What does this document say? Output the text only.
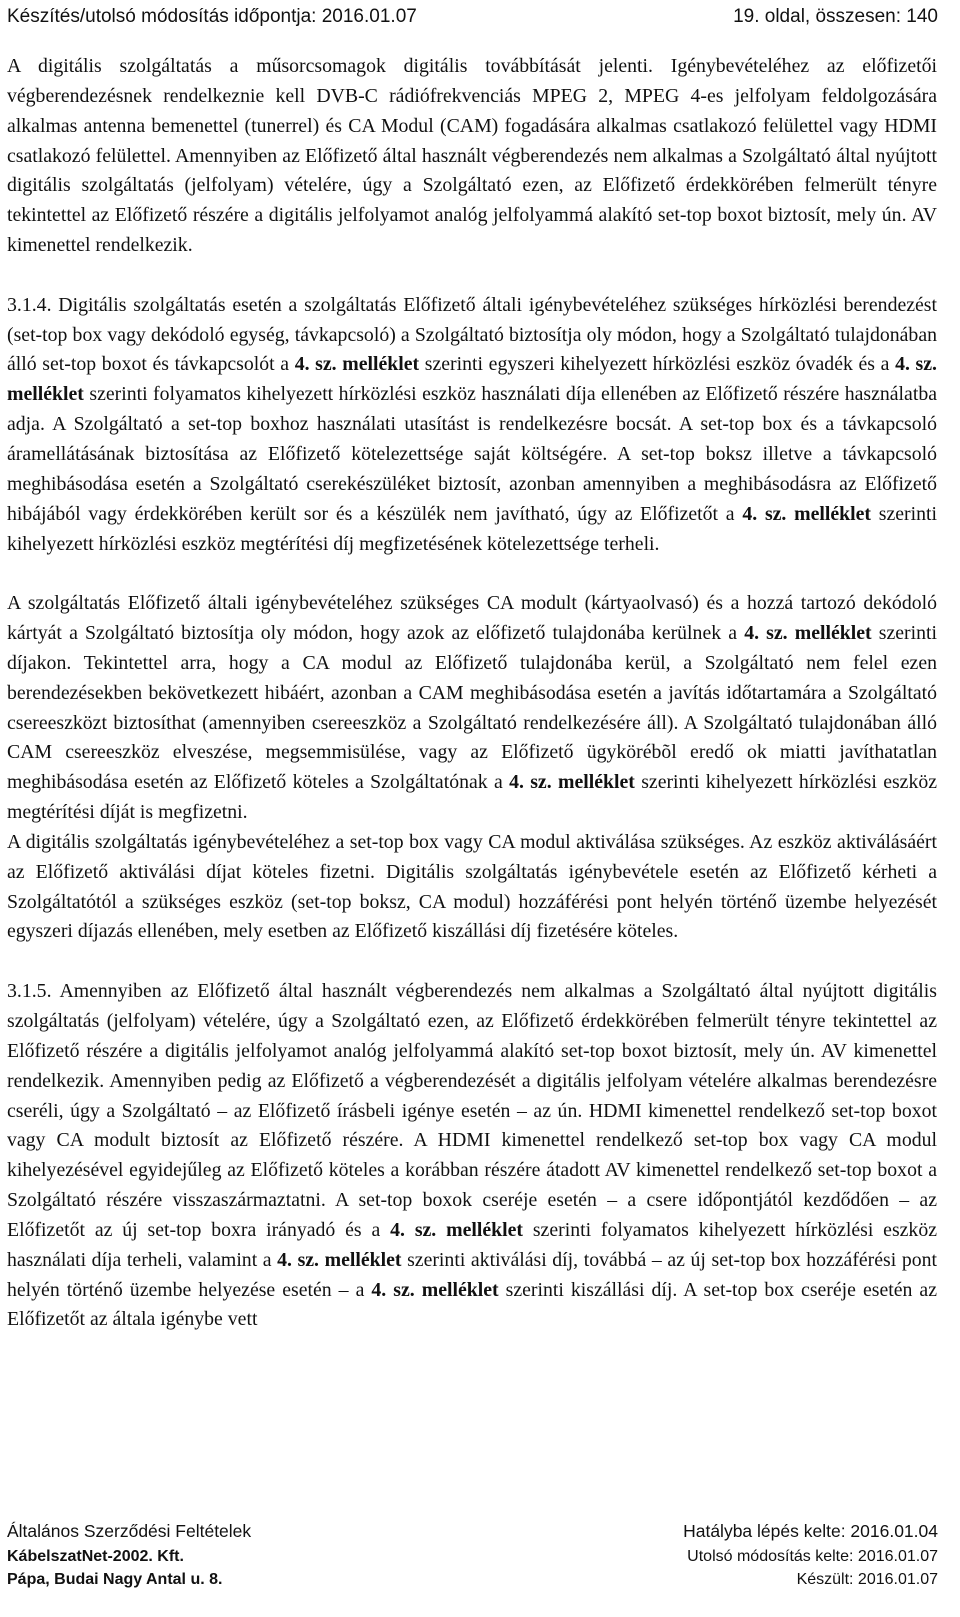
Készítés/utolsó módosítás időpontja: 2016.01.07	19. oldal, összesen: 140

A digitális szolgáltatás a műsorcsomagok digitális továbbítását jelenti. Igénybevételéhez az előfizetői végberendezésnek rendelkeznie kell DVB-C rádiófrekvenciás MPEG 2, MPEG 4-es jelfolyam feldolgozására alkalmas antenna bemenettel (tunerrel) és CA Modul (CAM) fogadására alkalmas csatlakozó felülettel vagy HDMI csatlakozó felülettel. Amennyiben az Előfizető által használt végberendezés nem alkalmas a Szolgáltató által nyújtott digitális szolgáltatás (jelfolyam) vételére, úgy a Szolgáltató ezen, az Előfizető érdekkörében felmerült tényre tekintettel az Előfizető részére a digitális jelfolyamot analóg jelfolyammá alakító set-top boxot biztosít, mely ún. AV kimenettel rendelkezik.

3.1.4. Digitális szolgáltatás esetén a szolgáltatás Előfizető általi igénybevételéhez szükséges hírközlési berendezést (set-top box vagy dekódoló egység, távkapcsoló) a Szolgáltató biztosítja oly módon, hogy a Szolgáltató tulajdonában álló set-top boxot és távkapcsolót a 4. sz. melléklet szerinti egyszeri kihelyezett hírközlési eszköz óvadék és a 4. sz. melléklet szerinti folyamatos kihelyezett hírközlési eszköz használati díja ellenében az Előfizető részére használatba adja. A Szolgáltató a set-top boxhoz használati utasítást is rendelkezésre bocsát. A set-top box és a távkapcsoló áramellátásának biztosítása az Előfizető kötelezettsége saját költségére. A set-top boksz illetve a távkapcsoló meghibásodása esetén a Szolgáltató cserekészüléket biztosít, azonban amennyiben a meghibásodásra az Előfizető hibájából vagy érdekkörében került sor és a készülék nem javítható, úgy az Előfizetőt a 4. sz. melléklet szerinti kihelyezett hírközlési eszköz megtérítési díj megfizetésének kötelezettsége terheli.

A szolgáltatás Előfizető általi igénybevételéhez szükséges CA modult (kártyaolvasó) és a hozzá tartozó dekódoló kártyát a Szolgáltató biztosítja oly módon, hogy azok az előfizető tulajdonába kerülnek a 4. sz. melléklet szerinti díjakon. Tekintettel arra, hogy a CA modul az Előfizető tulajdonába kerül, a Szolgáltató nem felel ezen berendezésekben bekövetkezett hibáért, azonban a CAM meghibásodása esetén a javítás időtartamára a Szolgáltató csereeszközt biztosíthat (amennyiben csereeszköz a Szolgáltató rendelkezésére áll). A Szolgáltató tulajdonában álló CAM csereeszköz elveszése, megsemmisülése, vagy az Előfizető ügykörébõl eredő ok miatti javíthatatlan meghibásodása esetén az Előfizető köteles a Szolgáltatónak a 4. sz. melléklet szerinti kihelyezett hírközlési eszköz megtérítési díját is megfizetni.

A digitális szolgáltatás igénybevételéhez a set-top box vagy CA modul aktiválása szükséges. Az eszköz aktiválásáért az Előfizető aktiválási díjat köteles fizetni. Digitális szolgáltatás igénybevétele esetén az Előfizető kérheti a Szolgáltatótól a szükséges eszköz (set-top boksz, CA modul) hozzáférési pont helyén történő üzembe helyezését egyszeri díjazás ellenében, mely esetben az Előfizető kiszállási díj fizetésére köteles.

3.1.5. Amennyiben az Előfizető által használt végberendezés nem alkalmas a Szolgáltató által nyújtott digitális szolgáltatás (jelfolyam) vételére, úgy a Szolgáltató ezen, az Előfizető érdekkörében felmerült tényre tekintettel az Előfizető részére a digitális jelfolyamot analóg jelfolyammá alakító set-top boxot biztosít, mely ún. AV kimenettel rendelkezik. Amennyiben pedig az Előfizető a végberendezését a digitális jelfolyam vételére alkalmas berendezésre cseréli, úgy a Szolgáltató – az Előfizető írásbeli igénye esetén – az ún. HDMI kimenettel rendelkező set-top boxot vagy CA modult biztosít az Előfizető részére. A HDMI kimenettel rendelkező set-top box vagy CA modul kihelyezésével egyidejűleg az Előfizető köteles a korábban részére átadott AV kimenettel rendelkező set-top boxot a Szolgáltató részére visszaszármaztatni. A set-top boxok cseréje esetén – a csere időpontjától kezdődően – az Előfizetőt az új set-top boxra irányadó és a 4. sz. melléklet szerinti folyamatos kihelyezett hírközlési eszköz használati díja terheli, valamint a 4. sz. melléklet szerinti aktiválási díj, továbbá – az új set-top box hozzáférési pont helyén történő üzembe helyezése esetén – a 4. sz. melléklet szerinti kiszállási díj. A set-top box cseréje esetén az Előfizetőt az általa igénybe vett

Általános Szerződési Feltételek
KábelszatNet-2002. Kft.
Pápa, Budai Nagy Antal u. 8.
Hatályba lépés kelte: 2016.01.04
Utolsó módosítás kelte: 2016.01.07
Készült: 2016.01.07
